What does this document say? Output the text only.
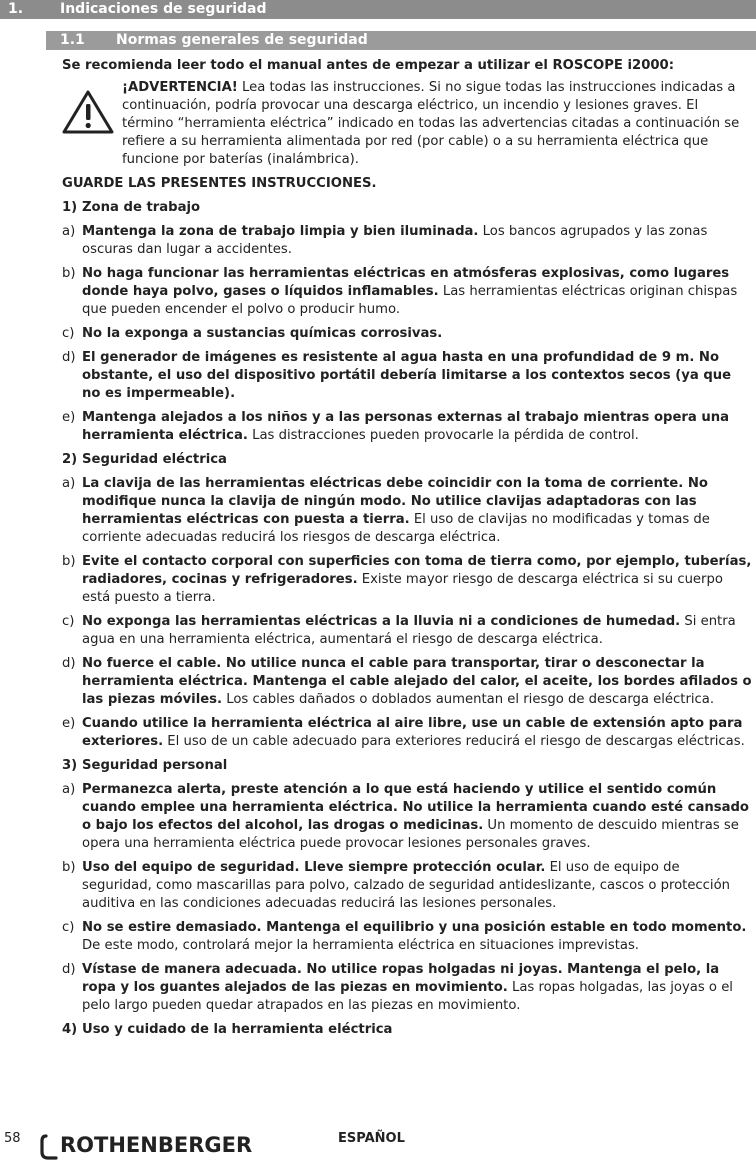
1.	Indicaciones de seguridad
1.1 Normas generales de seguridad

Se recomienda leer todo el manual antes de empezar a utilizar el ROSCOPE i2000:

¡ADVERTENCIA! Lea todas las instrucciones. Si no sigue todas las instrucciones indicadas a continuación, podría provocar una descarga eléctrico, un incendio y lesiones graves. El término “herramienta eléctrica” indicado en todas las advertencias citadas a continuación se refiere a su herramienta alimentada por red (por cable) o a su herramienta eléctrica que funcione por baterías (inalámbrica).

GUARDE LAS PRESENTES INSTRUCCIONES.

1) Zona de trabajo

a) Mantenga la zona de trabajo limpia y bien iluminada. Los bancos agrupados y las zonas oscuras dan lugar a accidentes.

b) No haga funcionar las herramientas eléctricas en atmósferas explosivas, como lugares donde haya polvo, gases o líquidos inflamables. Las herramientas eléctricas originan chispas que pueden encender el polvo o producir humo.

c) No la exponga a sustancias químicas corrosivas.

d) El generador de imágenes es resistente al agua hasta en una profundidad de 9 m. No obstante, el uso del dispositivo portátil debería limitarse a los contextos secos (ya que no es impermeable).

e) Mantenga alejados a los niños y a las personas externas al trabajo mientras opera una herramienta eléctrica. Las distracciones pueden provocarle la pérdida de control.

2) Seguridad eléctrica

a) La clavija de las herramientas eléctricas debe coincidir con la toma de corriente. No modifique nunca la clavija de ningún modo. No utilice clavijas adaptadoras con las herramientas eléctricas con puesta a tierra. El uso de clavijas no modificadas y tomas de corriente adecuadas reducirá los riesgos de descarga eléctrica.

b) Evite el contacto corporal con superficies con toma de tierra como, por ejemplo, tuberías, radiadores, cocinas y refrigeradores. Existe mayor riesgo de descarga eléctrica si su cuerpo está puesto a tierra.

c) No exponga las herramientas eléctricas a la lluvia ni a condiciones de humedad. Si entra agua en una herramienta eléctrica, aumentará el riesgo de descarga eléctrica.

d) No fuerce el cable. No utilice nunca el cable para transportar, tirar o desconectar la herramienta eléctrica. Mantenga el cable alejado del calor, el aceite, los bordes afilados o las piezas móviles. Los cables dañados o doblados aumentan el riesgo de descarga eléctrica.

e) Cuando utilice la herramienta eléctrica al aire libre, use un cable de extensión apto para exteriores. El uso de un cable adecuado para exteriores reducirá el riesgo de descargas eléctricas.

3) Seguridad personal

a) Permanezca alerta, preste atención a lo que está haciendo y utilice el sentido común cuando emplee una herramienta eléctrica. No utilice la herramienta cuando esté cansado o bajo los efectos del alcohol, las drogas o medicinas. Un momento de descuido mientras se opera una herramienta eléctrica puede provocar lesiones personales graves.

b) Uso del equipo de seguridad. Lleve siempre protección ocular. El uso de equipo de seguridad, como mascarillas para polvo, calzado de seguridad antideslizante, cascos o protección auditiva en las condiciones adecuadas reducirá las lesiones personales.

c) No se estire demasiado. Mantenga el equilibrio y una posición estable en todo momento. De este modo, controlará mejor la herramienta eléctrica en situaciones imprevistas.

d) Vístase de manera adecuada. No utilice ropas holgadas ni joyas. Mantenga el pelo, la ropa y los guantes alejados de las piezas en movimiento. Las ropas holgadas, las joyas o el pelo largo pueden quedar atrapados en las piezas en movimiento.

4) Uso y cuidado de la herramienta eléctrica

58 ROTHENBERGER	ESPAÑOL
